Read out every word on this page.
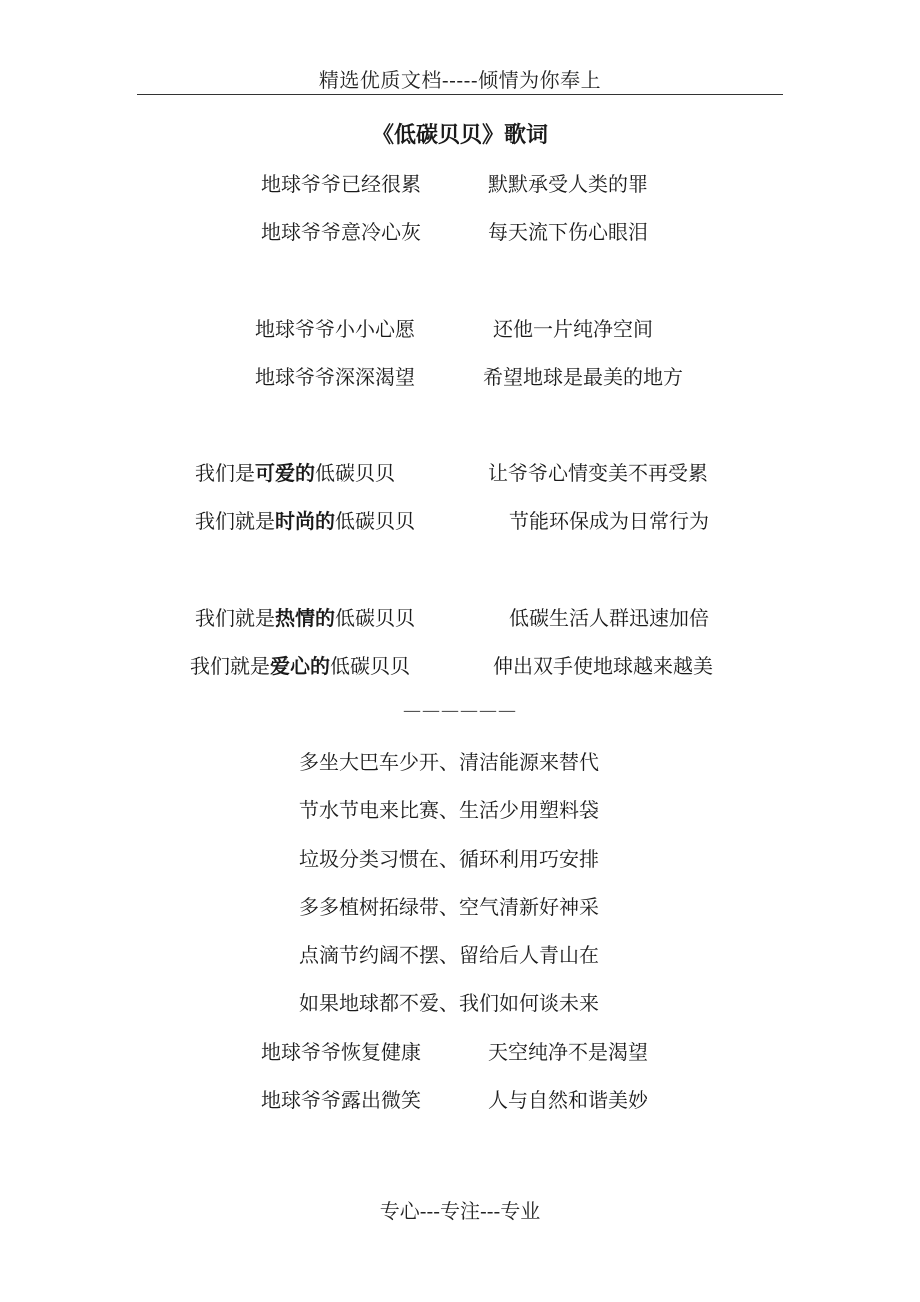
精选优质文档-----倾情为你奉上
《低碳贝贝》歌词
地球爷爷已经很累	默默承受人类的罪
地球爷爷意冷心灰	每天流下伤心眼泪
地球爷爷小小心愿	还他一片纯净空间
地球爷爷深深渴望	希望地球是最美的地方
我们是可爱的低碳贝贝	让爷爷心情变美不再受累
我们就是时尚的低碳贝贝	节能环保成为日常行为
我们就是热情的低碳贝贝	低碳生活人群迅速加倍
我们就是爱心的低碳贝贝	伸出双手使地球越来越美
——————
多坐大巴车少开、清洁能源来替代
节水节电来比赛、生活少用塑料袋
垃圾分类习惯在、循环利用巧安排
多多植树拓绿带、空气清新好神采
点滴节约阔不摆、留给后人青山在
如果地球都不爱、我们如何谈未来
地球爷爷恢复健康	天空纯净不是渴望
地球爷爷露出微笑	人与自然和谐美妙
专心---专注---专业
